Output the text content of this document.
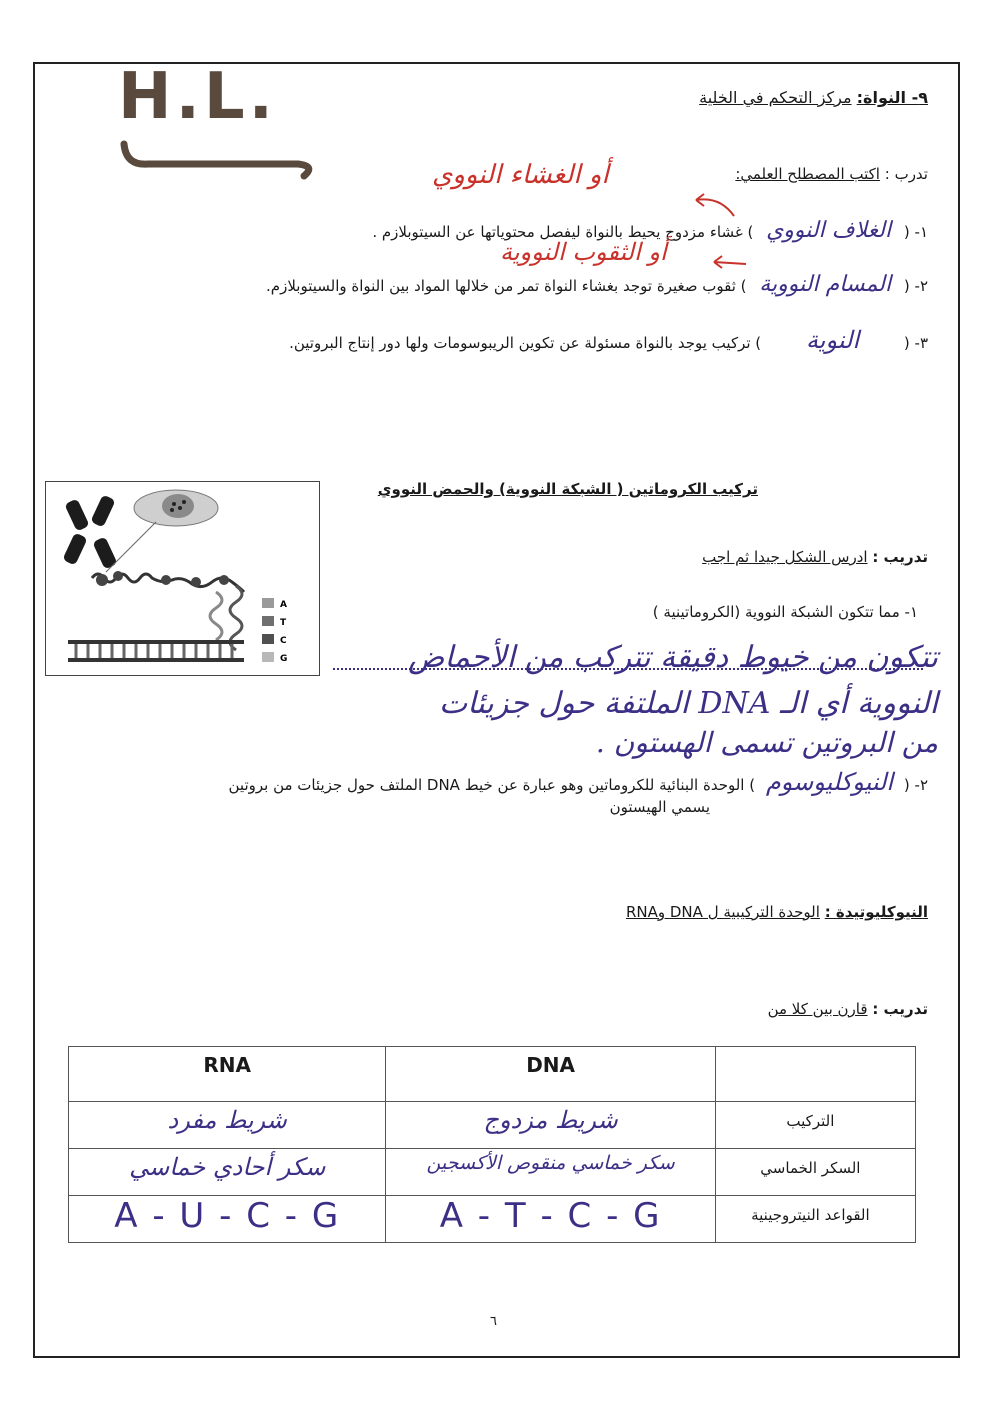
H.L.	٩- النواة: مركز التحكم في الخلية
تدرب : اكتب المصطلح العلمي:
أو الغشاء النووي
١- ( الغلاف النووي ) غشاء مزدوج يحيط بالنواة ليفصل محتوياتها عن السيتوبلازم .
أو الثقوب النووية
٢- ( المسام النووية ) ثقوب صغيرة توجد بغشاء النواة تمر من خلالها المواد بين النواة والسيتوبلازم.
٣- ( النوية ) تركيب يوجد بالنواة مسئولة عن تكوين الريبوسومات ولها دور إنتاج البروتين.
تركيب الكروماتين ( الشبكة النووية) والحمض النووي
A
T
C
G
تدريب : ادرس الشكل جيدا ثم اجب
١- مما تتكون الشبكة النووية (الكروماتينية )
تتكون من خيوط دقيقة تتركب من الأحماض
النووية أي الـ DNA الملتفة حول جزيئات
من البروتين تسمى الهستون .
٢- ( النيوكليوسوم ) الوحدة البنائية للكروماتين وهو عبارة عن خيط DNA الملتف حول جزيئات من بروتين
يسمي الهيستون
النيوكليوتيدة : الوحدة التركيبية ل DNA وRNA
تدريب : قارن بين كلا من

	DNA	RNA

التركيب	شريط مزدوج	شريط مفرد

السكر الخماسي	سكر خماسي منقوص الأكسجين	سكر أحادي خماسي

القواعد النيتروجينية	A - T - C - G	A - U - C - G
٦
